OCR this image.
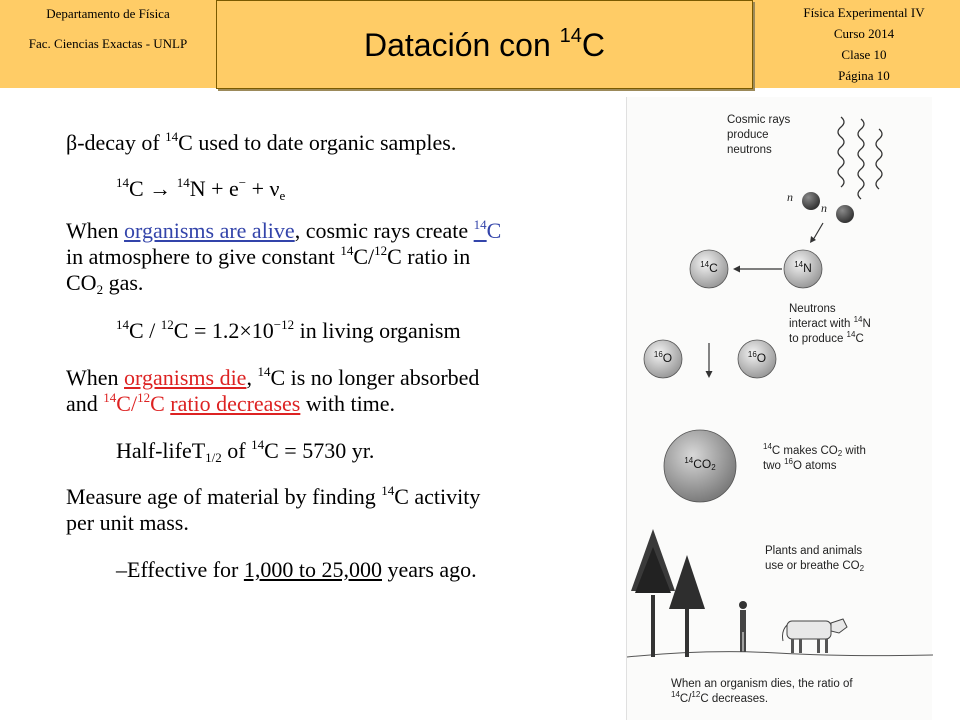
Departamento de Física
Fac. Ciencias Exactas - UNLP	Datación con $^{14}$C
Física Experimental IV
Curso 2014
Clase 10
Página 10
β-decay of $^{14}$C used to date organic samples.
$^{14}C \to ^{14}N + e^- + \nu_e$
When organisms are alive, cosmic rays create $^{14}$C
in atmosphere to give constant $^{14}$C/$^{12}$C ratio in
$CO_2$ gas.
$^{14}C / ^{12}C = 1.2\times 10^{-12}$ in living organism
When organisms die, $^{14}$C is no longer absorbed
and $^{14}$C/$^{12}$C ratio decreases with time.
Half-lifeT$_{1/2}$ of $^{14}$C = 5730 yr.
Measure age of material by finding $^{14}$C activity
per unit mass.
–Effective for 1,000 to 25,000 years ago.
Cosmic rays
produce
neutrons
n
n
$^{14}$C	$^{14}$N
Neutrons
interact with $^{14}$N
to produce $^{14}$C
$^{16}$O	$^{16}$O
$^{14}CO_2$
$^{14}$C makes $CO_2$ with
two $^{16}$O atoms
Plants and animals
use or breathe $CO_2$
When an organism dies, the ratio of
$^{14}$C/$^{12}$C decreases.
